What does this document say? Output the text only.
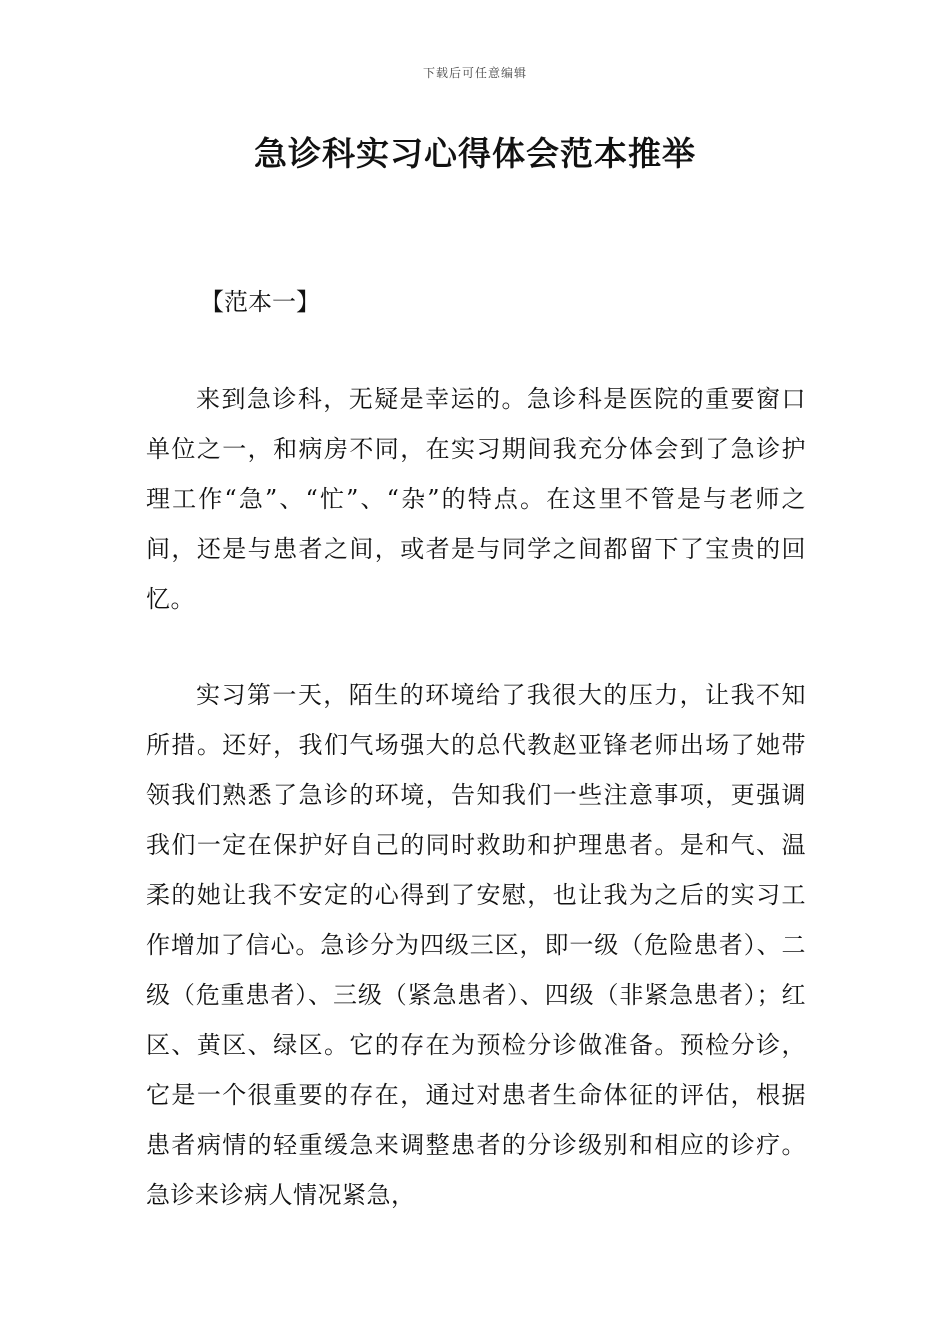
下载后可任意编辑
急诊科实习心得体会范本推举

【范本一】

来到急诊科，无疑是幸运的。急诊科是医院的重要窗口单位之一，和病房不同，在实习期间我充分体会到了急诊护理工作“急”、“忙”、“杂”的特点。在这里不管是与老师之间，还是与患者之间，或者是与同学之间都留下了宝贵的回忆。

实习第一天，陌生的环境给了我很大的压力，让我不知所措。还好，我们气场强大的总代教赵亚锋老师出场了她带领我们熟悉了急诊的环境，告知我们一些注意事项，更强调我们一定在保护好自己的同时救助和护理患者。是和气、温柔的她让我不安定的心得到了安慰，也让我为之后的实习工作增加了信心。急诊分为四级三区，即一级（危险患者）、二级（危重患者）、三级（紧急患者）、四级（非紧急患者）；红区、黄区、绿区。它的存在为预检分诊做准备。预检分诊，它是一个很重要的存在，通过对患者生命体征的评估，根据患者病情的轻重缓急来调整患者的分诊级别和相应的诊疗。急诊来诊病人情况紧急，
